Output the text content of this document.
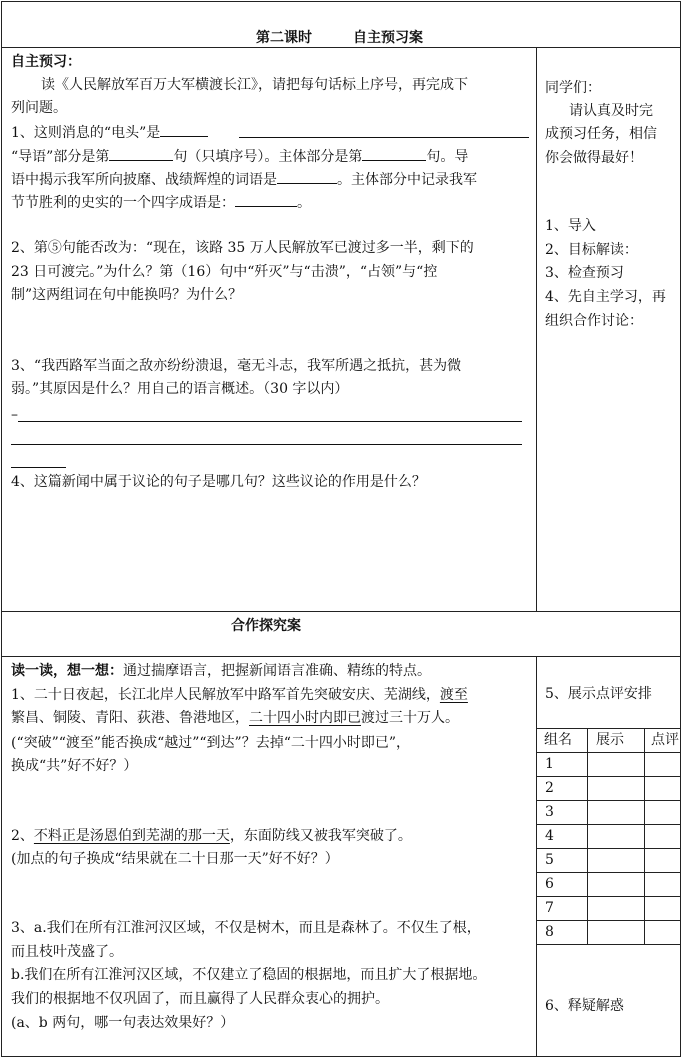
第二课时	自主预习案
自主预习：
读《人民解放军百万大军横渡长江》，请把每句话标上序号，再完成下
列问题。
1、这则消息的“电头”是
“导语”部分是第	句（只填序号）。主体部分是第	句。导
语中揭示我军所向披靡、战绩辉煌的词语是	。主体部分中记录我军
节节胜利的史实的一个四字成语是：	。
2、第⑤句能否改为：“现在，该路 35 万人民解放军已渡过多一半，剩下的
23 日可渡完。”为什么？第（16）句中“歼灭”与“击溃”，“占领”与“控
制”这两组词在句中能换吗？为什么？
3、“我西路军当面之敌亦纷纷溃退，毫无斗志，我军所遇之抵抗，甚为微
弱。”其原因是什么？用自己的语言概述。（30 字以内）
–
4、这篇新闻中属于议论的句子是哪几句？这些议论的作用是什么？
同学们：
请认真及时完
成预习任务，相信
你会做得最好！
1、导入
2、目标解读：
3、检查预习
4、先自主学习，再
组织合作讨论：
合作探究案
读一读，想一想：通过揣摩语言，把握新闻语言准确、精练的特点。
1、二十日夜起，长江北岸人民解放军中路军首先突破安庆、芜湖线，渡至
繁昌、铜陵、青阳、荻港、鲁港地区，二十四小时内即已渡过三十万人。
(“突破”“渡至”能否换成“越过”“到达”？去掉“二十四小时即已”，
换成“共”好不好？）
2、不料正是汤恩伯到芜湖的那一天，东面防线又被我军突破了。
(加点的句子换成“结果就在二十日那一天”好不好？）
3、a.我们在所有江淮河汉区域，不仅是树木，而且是森林了。不仅生了根，
而且枝叶茂盛了。
b.我们在所有江淮河汉区域，不仅建立了稳固的根据地，而且扩大了根据地。
我们的根据地不仅巩固了，而且赢得了人民群众衷心的拥护。
(a、b 两句，哪一句表达效果好？）
5、展示点评安排
组名 展示 点评
1
2
3
4
5
6
7
8
6、释疑解惑
